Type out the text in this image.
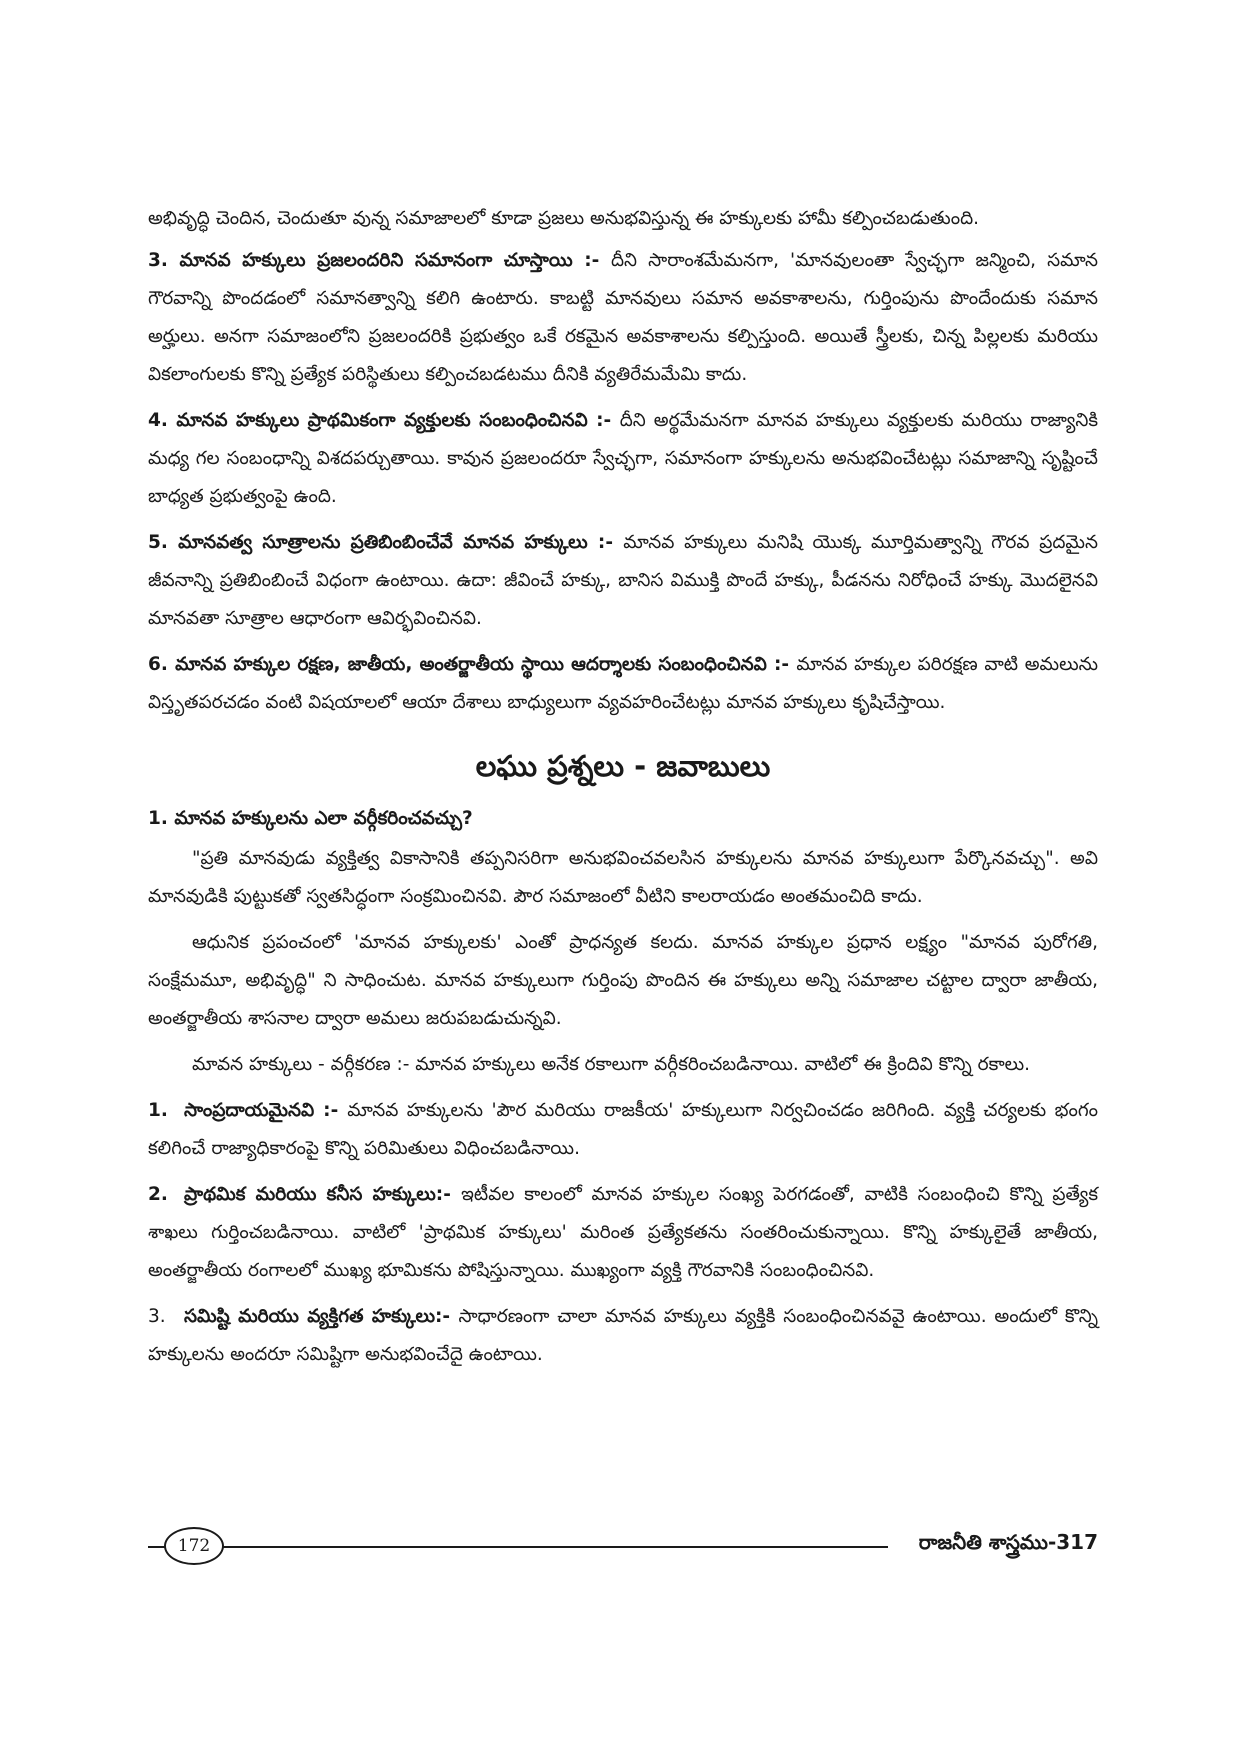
అభివృద్ధి చెందిన, చెందుతూ వున్న సమాజాలలో కూడా ప్రజలు అనుభవిస్తున్న ఈ హక్కులకు హామీ కల్పించబడుతుంది.

3. మానవ హక్కులు ప్రజలందరిని సమానంగా చూస్తాయి :- దీని సారాంశమేమనగా, 'మానవులంతా స్వేచ్ఛగా జన్మించి, సమాన గౌరవాన్ని పొందడంలో సమానత్వాన్ని కలిగి ఉంటారు. కాబట్టి మానవులు సమాన అవకాశాలను, గుర్తింపును పొందేందుకు సమాన అర్హులు. అనగా సమాజంలోని ప్రజలందరికి ప్రభుత్వం ఒకే రకమైన అవకాశాలను కల్పిస్తుంది. అయితే స్త్రీలకు, చిన్న పిల్లలకు మరియు వికలాంగులకు కొన్ని ప్రత్యేక పరిస్థితులు కల్పించబడటము దీనికి వ్యతిరేమమేమి కాదు.

4. మానవ హక్కులు ప్రాథమికంగా వ్యక్తులకు సంబంధించినవి :- దీని అర్థమేమనగా మానవ హక్కులు వ్యక్తులకు మరియు రాజ్యానికి మధ్య గల సంబంధాన్ని విశదపర్చుతాయి. కావున ప్రజలందరూ స్వేచ్ఛగా, సమానంగా హక్కులను అనుభవించేటట్లు సమాజాన్ని సృష్టించే బాధ్యత ప్రభుత్వంపై ఉంది.

5. మానవత్వ సూత్రాలను ప్రతిబింబించేవే మానవ హక్కులు :- మానవ హక్కులు మనిషి యొక్క మూర్తిమత్వాన్ని గౌరవ ప్రదమైన జీవనాన్ని ప్రతిబింబించే విధంగా ఉంటాయి. ఉదా: జీవించే హక్కు, బానిస విముక్తి పొందే హక్కు, పీడనను నిరోధించే హక్కు మొదలైనవి మానవతా సూత్రాల ఆధారంగా ఆవిర్భవించినవి.

6. మానవ హక్కుల రక్షణ, జాతీయ, అంతర్జాతీయ స్థాయి ఆదర్శాలకు సంబంధించినవి :- మానవ హక్కుల పరిరక్షణ వాటి అమలును విస్తృతపరచడం వంటి విషయాలలో ఆయా దేశాలు బాధ్యులుగా వ్యవహరించేటట్లు మానవ హక్కులు కృషిచేస్తాయి.

లఘు ప్రశ్నలు - జవాబులు

1. మానవ హక్కులను ఎలా వర్గీకరించవచ్చు?

"ప్రతి మానవుడు వ్యక్తిత్వ వికాసానికి తప్పనిసరిగా అనుభవించవలసిన హక్కులను మానవ హక్కులుగా పేర్కొనవచ్చు". అవి మానవుడికి పుట్టుకతో స్వతసిద్ధంగా సంక్రమించినవి. పౌర సమాజంలో వీటిని కాలరాయడం అంతమంచిది కాదు.

ఆధునిక ప్రపంచంలో 'మానవ హక్కులకు' ఎంతో ప్రాధన్యత కలదు. మానవ హక్కుల ప్రధాన లక్ష్యం "మానవ పురోగతి, సంక్షేమమూ, అభివృద్ధి" ని సాధించుట. మానవ హక్కులుగా గుర్తింపు పొందిన ఈ హక్కులు అన్ని సమాజాల చట్టాల ద్వారా జాతీయ, అంతర్జాతీయ శాసనాల ద్వారా అమలు జరుపబడుచున్నవి.

మావన హక్కులు - వర్గీకరణ :- మానవ హక్కులు అనేక రకాలుగా వర్గీకరించబడినాయి. వాటిలో ఈ క్రిందివి కొన్ని రకాలు.

1. సాంప్రదాయమైనవి :- మానవ హక్కులను 'పౌర మరియు రాజకీయ' హక్కులుగా నిర్వచించడం జరిగింది. వ్యక్తి చర్యలకు భంగం కలిగించే రాజ్యాధికారంపై కొన్ని పరిమితులు విధించబడినాయి.

2. ప్రాథమిక మరియు కనీస హక్కులు:- ఇటీవల కాలంలో మానవ హక్కుల సంఖ్య పెరగడంతో, వాటికి సంబంధించి కొన్ని ప్రత్యేక శాఖలు గుర్తించబడినాయి. వాటిలో 'ప్రాథమిక హక్కులు' మరింత ప్రత్యేకతను సంతరించుకున్నాయి. కొన్ని హక్కులైతే జాతీయ, అంతర్జాతీయ రంగాలలో ముఖ్య భూమికను పోషిస్తున్నాయి. ముఖ్యంగా వ్యక్తి గౌరవానికి సంబంధించినవి.

3. సమిష్టి మరియు వ్యక్తిగత హక్కులు:- సాధారణంగా చాలా మానవ హక్కులు వ్యక్తికి సంబంధించినవవై ఉంటాయి. అందులో కొన్ని హక్కులను అందరూ సమిష్టిగా అనుభవించేదై ఉంటాయి.

172	రాజనీతి శాస్త్రము-317
